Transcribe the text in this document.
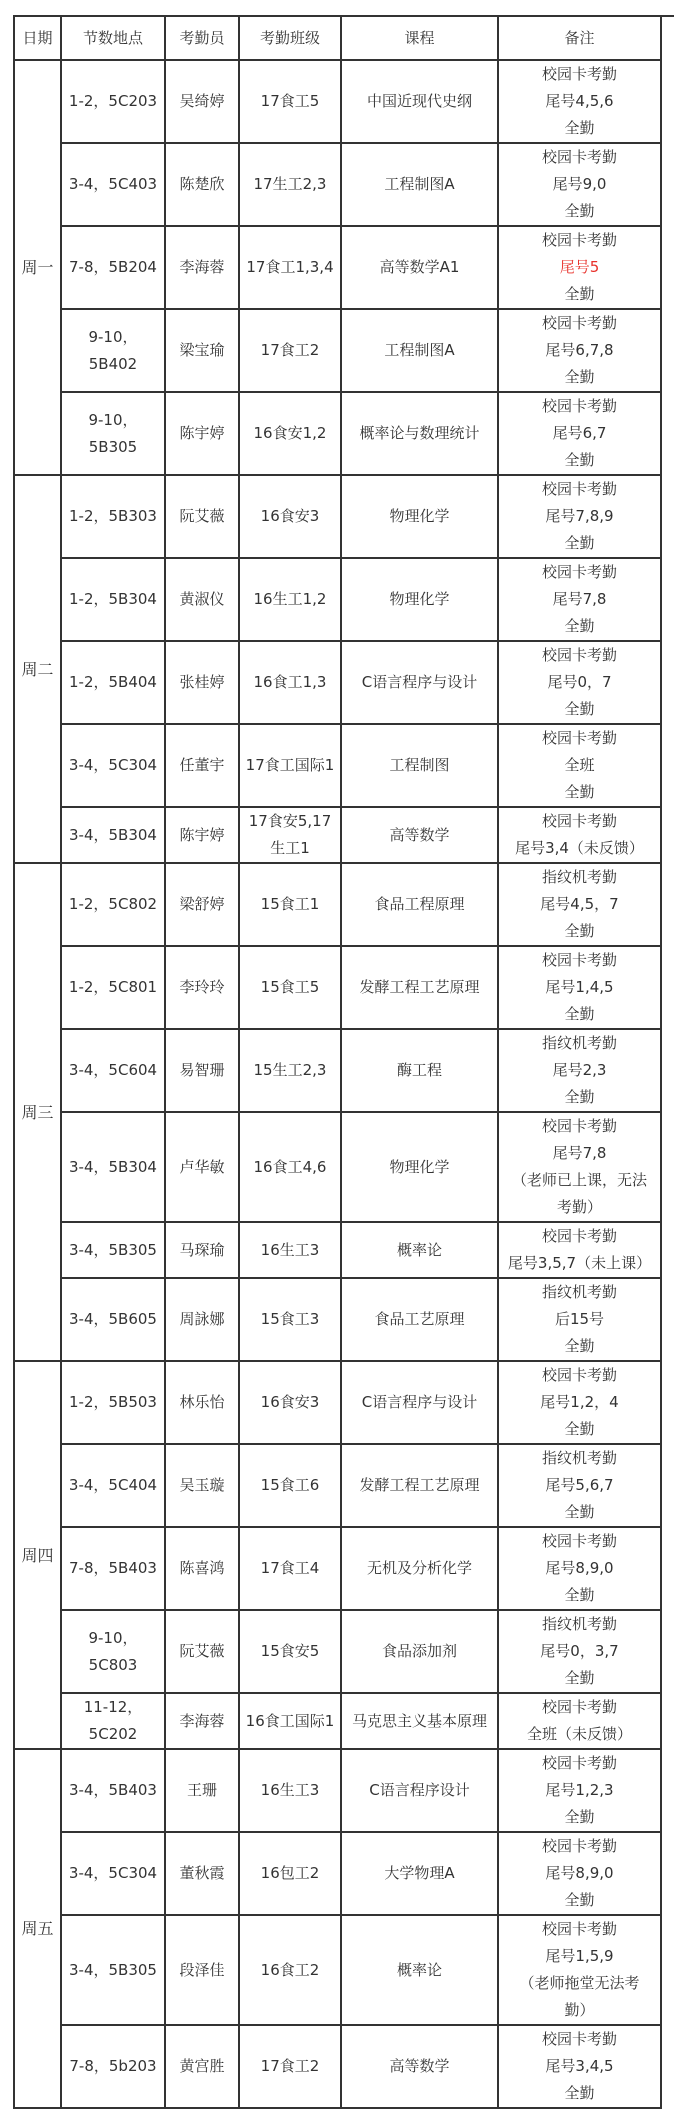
日期	节数地点	考勤员	考勤班级	课程	备注
周一	1-2，5C203	吴绮婷	17食工5	中国近现代史纲	校园卡考勤
尾号4,5,6
全勤

	3-4，5C403	陈楚欣	17生工2,3	工程制图A	校园卡考勤
尾号9,0
全勤

	7-8，5B204	李海蓉	17食工1,3,4	高等数学A1	校园卡考勤
尾号5
全勤

	9-10，5B402	梁宝瑜	17食工2	工程制图A	校园卡考勤
尾号6,7,8
全勤

	9-10，5B305	陈宇婷	16食安1,2	概率论与数理统计	校园卡考勤
尾号6,7
全勤

周二	1-2，5B303	阮艾薇	16食安3	物理化学	校园卡考勤
尾号7,8,9
全勤

	1-2，5B304	黄淑仪	16生工1,2	物理化学	校园卡考勤
尾号7,8
全勤

	1-2，5B404	张桂婷	16食工1,3	C语言程序与设计	校园卡考勤
尾号0，7
全勤

	3-4，5C304	任董宇	17食工国际1	工程制图	校园卡考勤
全班
全勤

	3-4，5B304	陈宇婷	17食安5,17生工1	高等数学	校园卡考勤
尾号3,4（未反馈）

周三	1-2，5C802	梁舒婷	15食工1	食品工程原理	指纹机考勤
尾号4,5，7
全勤

	1-2，5C801	李玲玲	15食工5	发酵工程工艺原理	校园卡考勤
尾号1,4,5
全勤

	3-4，5C604	易智珊	15生工2,3	酶工程	指纹机考勤
尾号2,3
全勤

	3-4，5B304	卢华敏	16食工4,6	物理化学	校园卡考勤
尾号7,8
（老师已上课，无法
考勤）

	3-4，5B305	马琛瑜	16生工3	概率论	校园卡考勤
尾号3,5,7（未上课）

	3-4，5B605	周詠娜	15食工3	食品工艺原理	指纹机考勤
后15号
全勤

周四	1-2，5B503	林乐怡	16食安3	C语言程序与设计	校园卡考勤
尾号1,2，4
全勤

	3-4，5C404	吴玉璇	15食工6	发酵工程工艺原理	指纹机考勤
尾号5,6,7
全勤

	7-8，5B403	陈喜鸿	17食工4	无机及分析化学	校园卡考勤
尾号8,9,0
全勤

	9-10，5C803	阮艾薇	15食安5	食品添加剂	指纹机考勤
尾号0，3,7
全勤

	11-12，5C202	李海蓉	16食工国际1	马克思主义基本原理	校园卡考勤
全班（未反馈）

周五	3-4，5B403	王珊	16生工3	C语言程序设计	校园卡考勤
尾号1,2,3
全勤

	3-4，5C304	董秋霞	16包工2	大学物理A	校园卡考勤
尾号8,9,0
全勤

	3-4，5B305	段泽佳	16食工2	概率论	校园卡考勤
尾号1,5,9
（老师拖堂无法考
勤）

	7-8，5b203	黄宫胜	17食工2	高等数学	校园卡考勤
尾号3,4,5
全勤
